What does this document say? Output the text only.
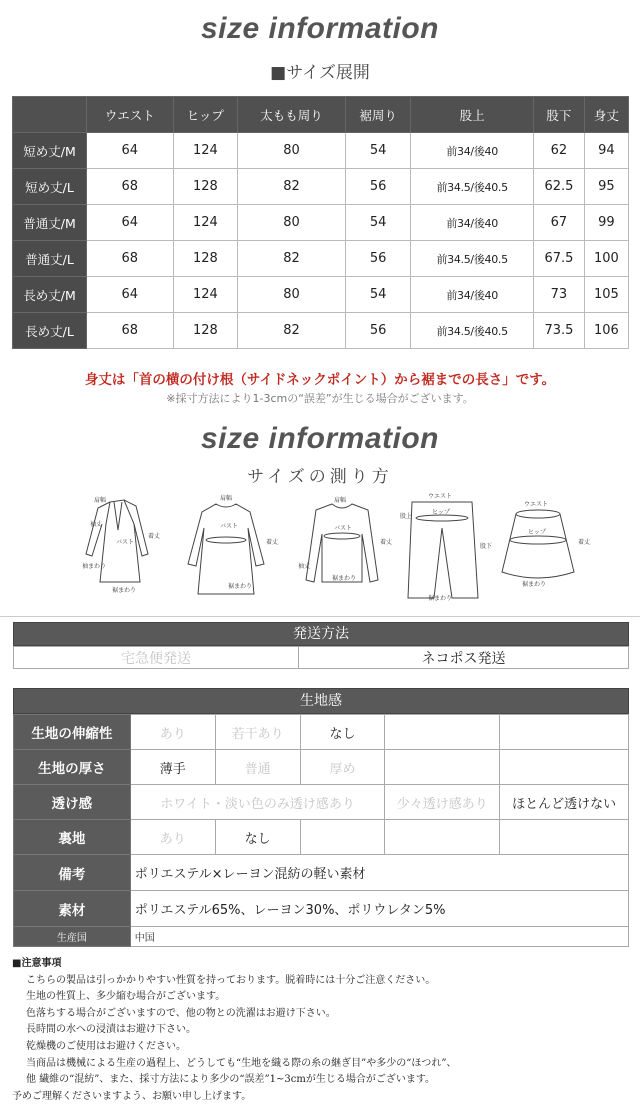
size information
■サイズ展開
	ウエスト	ヒップ	太もも周り	裾周り	股上	股下	身丈
短め丈/M	64	124	80	54	前34/後40	62	94
短め丈/L	68	128	82	56	前34.5/後40.5	62.5	95
普通丈/M	64	124	80	54	前34/後40	67	99
普通丈/L	68	128	82	56	前34.5/後40.5	67.5	100
長め丈/M	64	124	80	54	前34/後40	73	105
長め丈/L	68	128	82	56	前34.5/後40.5	73.5	106
身丈は「首の横の付け根（サイドネックポイント）から裾までの長さ」です。
※採寸方法により1-3cmの“誤差”が生じる場合がございます。
size information
サイズの測り方
肩幅
袖丈
バスト
着丈
袖まわり
裾まわり
肩幅
バスト
着丈
裾まわり
肩幅
バスト
着丈
袖丈
裾まわり
ウエスト
ヒップ
股上
股下
裾まわり
ウエスト
ヒップ
着丈
裾まわり
発送方法
宅急便発送	ネコポス発送
生地感
生地の伸縮性	あり	若干あり	なし		
生地の厚さ	薄手	普通	厚め		
透け感	ホワイト・淡い色のみ透け感あり			少々透け感あり	ほとんど透けない
裏地	あり	なし			
備考	ポリエステル×レーヨン混紡の軽い素材				
素材	ポリエステル65%、レーヨン30%、ポリウレタン5%				
生産国	中国				
■注意事項
こちらの製品は引っかかりやすい性質を持っております。脱着時には十分ご注意ください。
生地の性質上、多少縮む場合がございます。
色落ちする場合がございますので、他の物との洗濯はお避け下さい。
長時間の水への浸漬はお避け下さい。
乾燥機のご使用はお避けください。
当商品は機械による生産の過程上、どうしても“生地を織る際の糸の継ぎ目”や多少の“ほつれ”、
他 繊維の“混紡”、また、採寸方法により多少の“誤差”1~3cmが生じる場合がございます。
予めご理解くださいますよう、お願い申し上げます。
